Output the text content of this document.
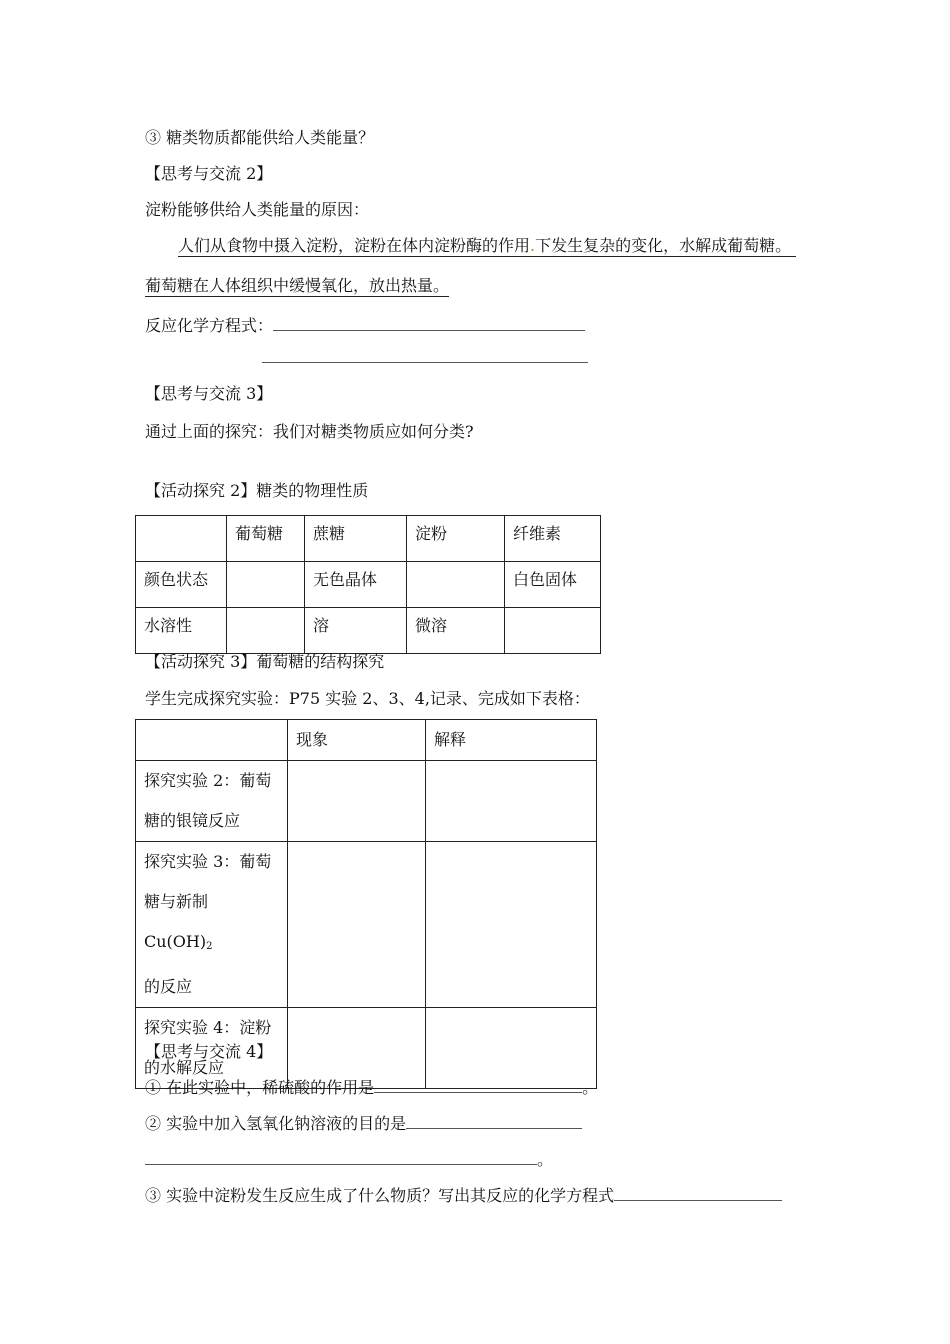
③ 糖类物质都能供给人类能量？
【思考与交流 2】
淀粉能够供给人类能量的原因：
人们从食物中摄入淀粉，淀粉在体内淀粉酶的作用.下发生复杂的变化，水解成葡萄糖。
葡萄糖在人体组织中缓慢氧化，放出热量。
反应化学方程式：
【思考与交流 3】
通过上面的探究：我们对糖类物质应如何分类?
【活动探究 2】糖类的物理性质
	葡萄糖	蔗糖	淀粉	纤维素
颜色状态		无色晶体		白色固体
水溶性		溶	微溶	
【活动探究 3】葡萄糖的结构探究
学生完成探究实验：P75 实验 2、3、4,记录、完成如下表格：
	现象	解释
探究实验 2：葡萄
糖的银镜反应		
探究实验 3：葡萄
糖与新制 $Cu(OH)_2$
的反应		
探究实验 4：淀粉
的水解反应		
【思考与交流 4】
① 在此实验中，稀硫酸的作用是	。
② 实验中加入氢氧化钠溶液的目的是
。
③ 实验中淀粉发生反应生成了什么物质？写出其反应的化学方程式
